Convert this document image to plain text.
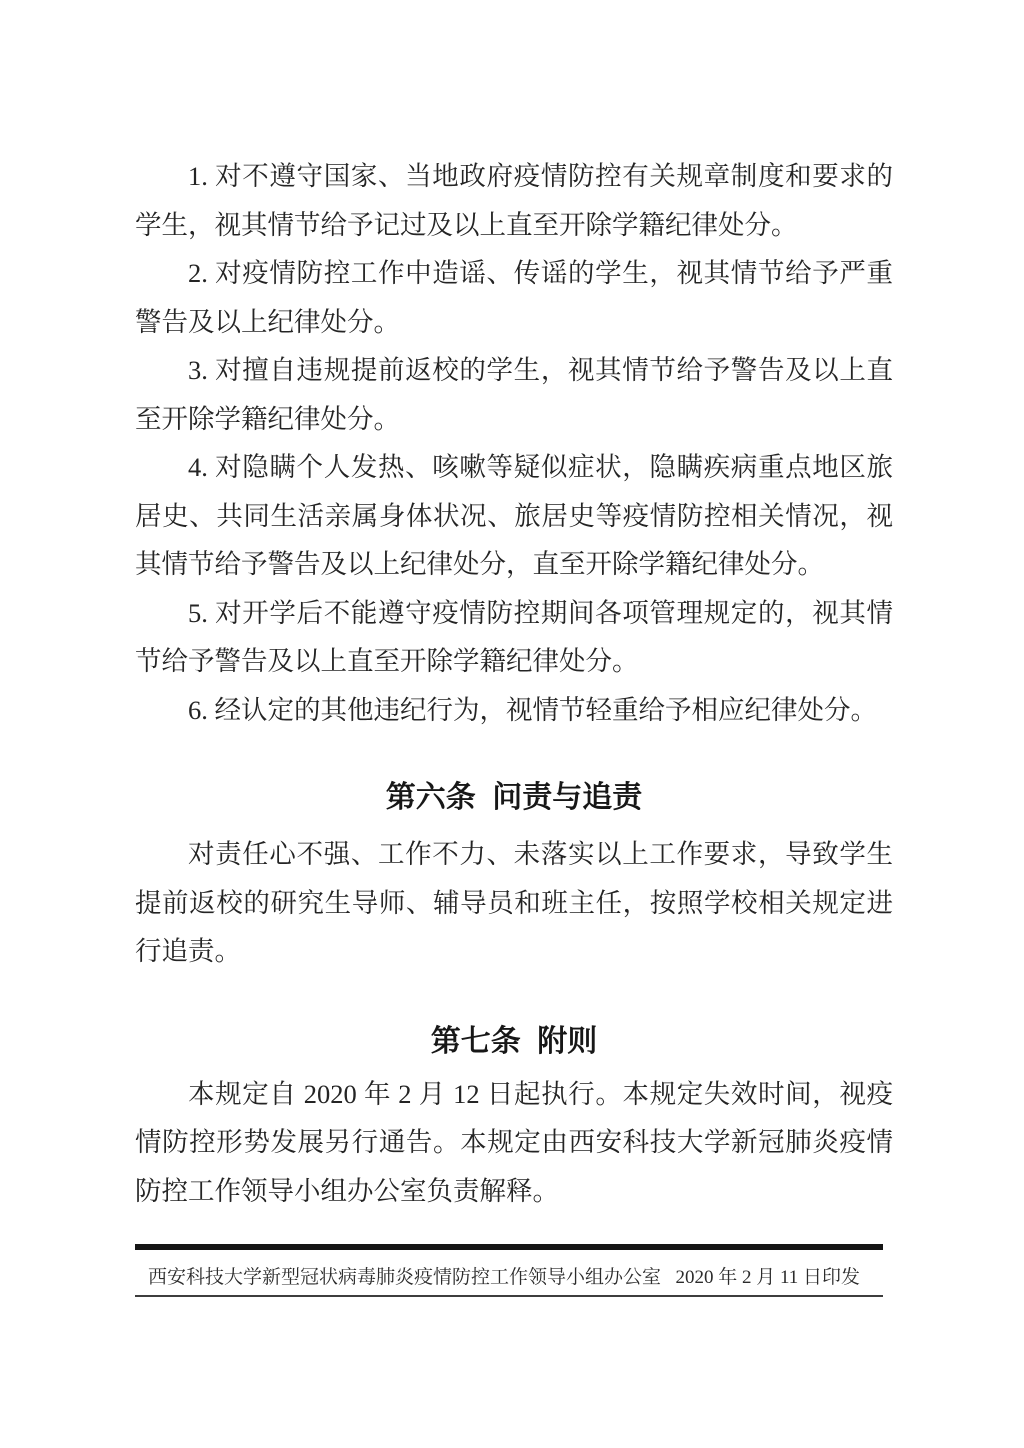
1. 对不遵守国家、当地政府疫情防控有关规章制度和要求的学生，视其情节给予记过及以上直至开除学籍纪律处分。

2. 对疫情防控工作中造谣、传谣的学生，视其情节给予严重警告及以上纪律处分。

3. 对擅自违规提前返校的学生，视其情节给予警告及以上直至开除学籍纪律处分。

4. 对隐瞒个人发热、咳嗽等疑似症状，隐瞒疾病重点地区旅居史、共同生活亲属身体状况、旅居史等疫情防控相关情况，视其情节给予警告及以上纪律处分，直至开除学籍纪律处分。

5. 对开学后不能遵守疫情防控期间各项管理规定的，视其情节给予警告及以上直至开除学籍纪律处分。

6. 经认定的其他违纪行为，视情节轻重给予相应纪律处分。

第六条 问责与追责

对责任心不强、工作不力、未落实以上工作要求，导致学生提前返校的研究生导师、辅导员和班主任，按照学校相关规定进行追责。

第七条 附则

本规定自 2020 年 2 月 12 日起执行。本规定失效时间，视疫情防控形势发展另行通告。本规定由西安科技大学新冠肺炎疫情防控工作领导小组办公室负责解释。

西安科技大学新型冠状病毒肺炎疫情防控工作领导小组办公室 2020 年 2 月 11 日印发
